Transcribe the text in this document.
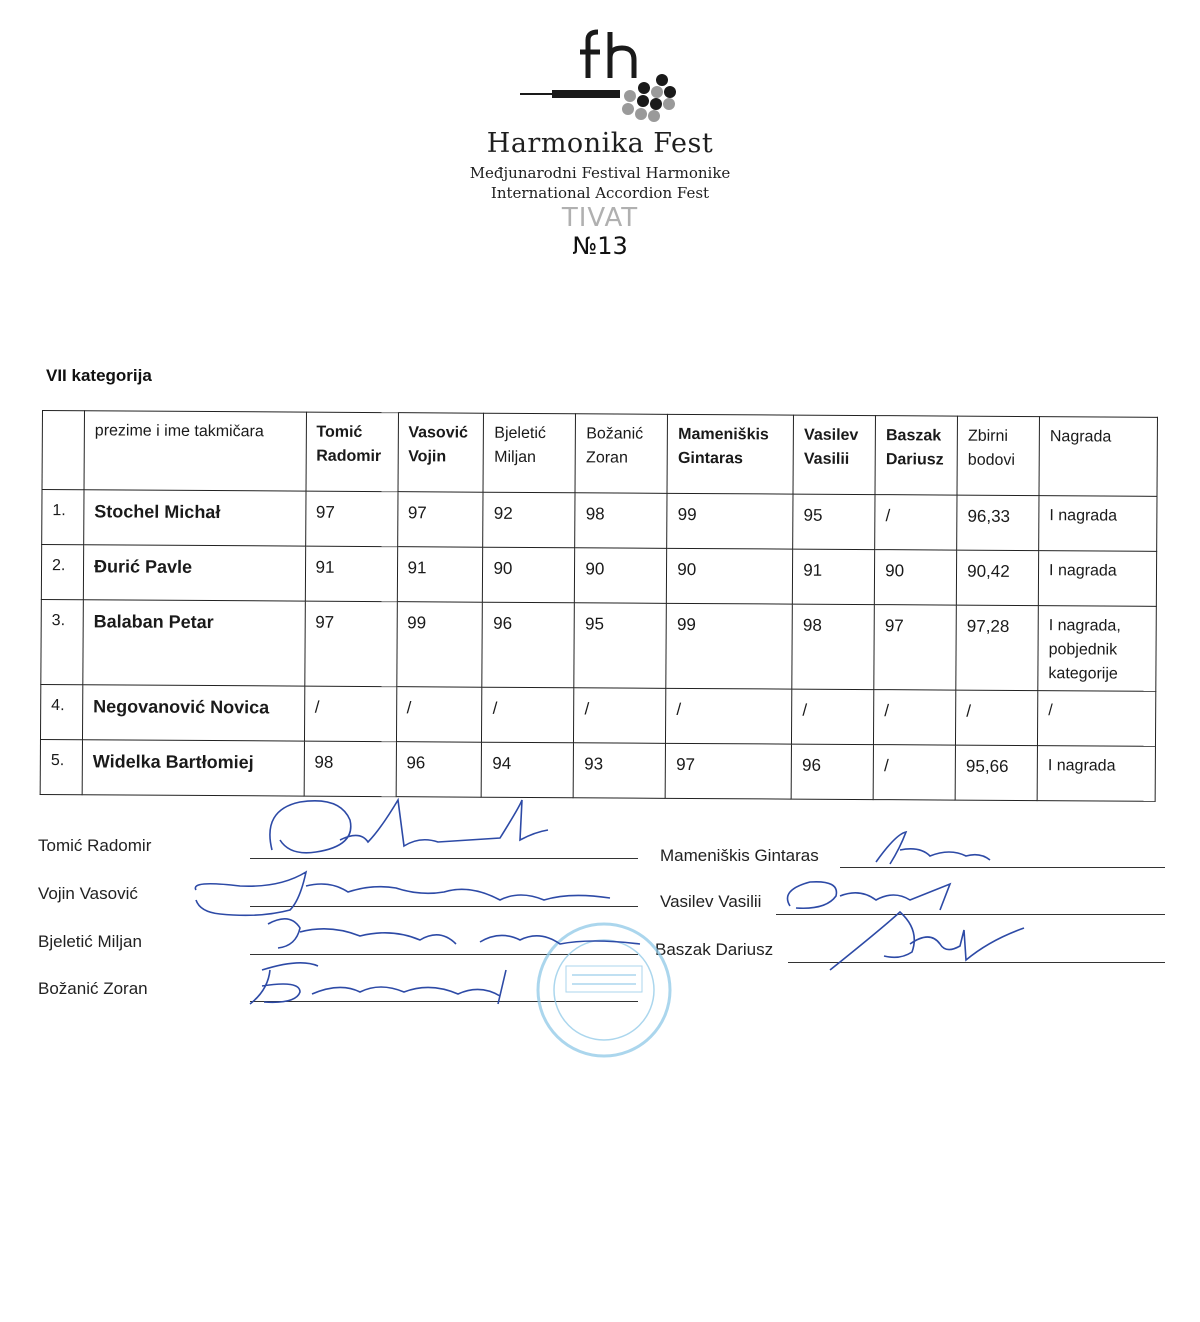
Harmonika Fest
Međjunarodni Festival Harmonike
International Accordion Fest
TIVAT
№13
VII kategorija
	prezime i ime takmičara	Tomić Radomir	Vasović Vojin	Bjeletić Miljan	Božanić Zoran	Mameniškis Gintaras	Vasilev Vasilii	Baszak Dariusz	Zbirni bodovi	Nagrada
1.	Stochel Michał	97	97	92	98	99	95	/	96,33	I nagrada
2.	Đurić Pavle	91	91	90	90	90	91	90	90,42	I nagrada
3.	Balaban Petar	97	99	96	95	99	98	97	97,28	I nagrada, pobjednik kategorije
4.	Negovanović Novica	/	/	/	/	/	/	/	/	/
5.	Widelka Bartłomiej	98	96	94	93	97	96	/	95,66	I nagrada
Tomić Radomir
Vojin Vasović
Bjeletić Miljan
Božanić Zoran
Mameniškis Gintaras
Vasilev Vasilii
Baszak Dariusz
